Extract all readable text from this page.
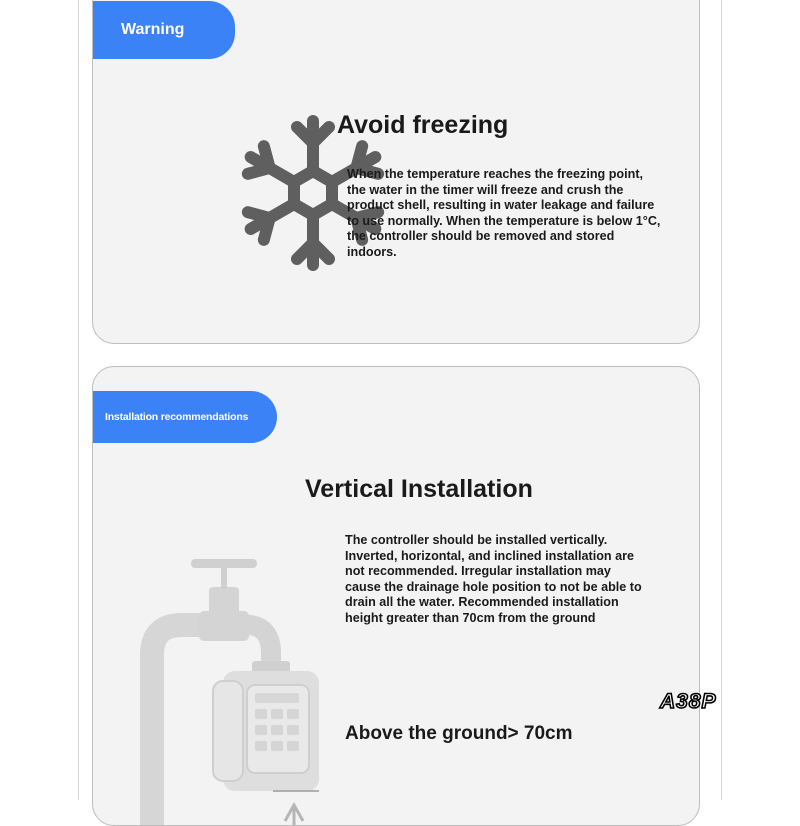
Warning
Avoid freezing
When the temperature reaches the freezing point, the water in the timer will freeze and crush the product shell, resulting in water leakage and failure to use normally. When the temperature is below 1°C, the controller should be removed and stored indoors.
Installation recommendations
Vertical Installation
The controller should be installed vertically. Inverted, horizontal, and inclined installation are not recommended. Irregular installation may cause the drainage hole position to not be able to drain all the water. Recommended installation height greater than 70cm from the ground
Above the ground> 70cm
A38P
